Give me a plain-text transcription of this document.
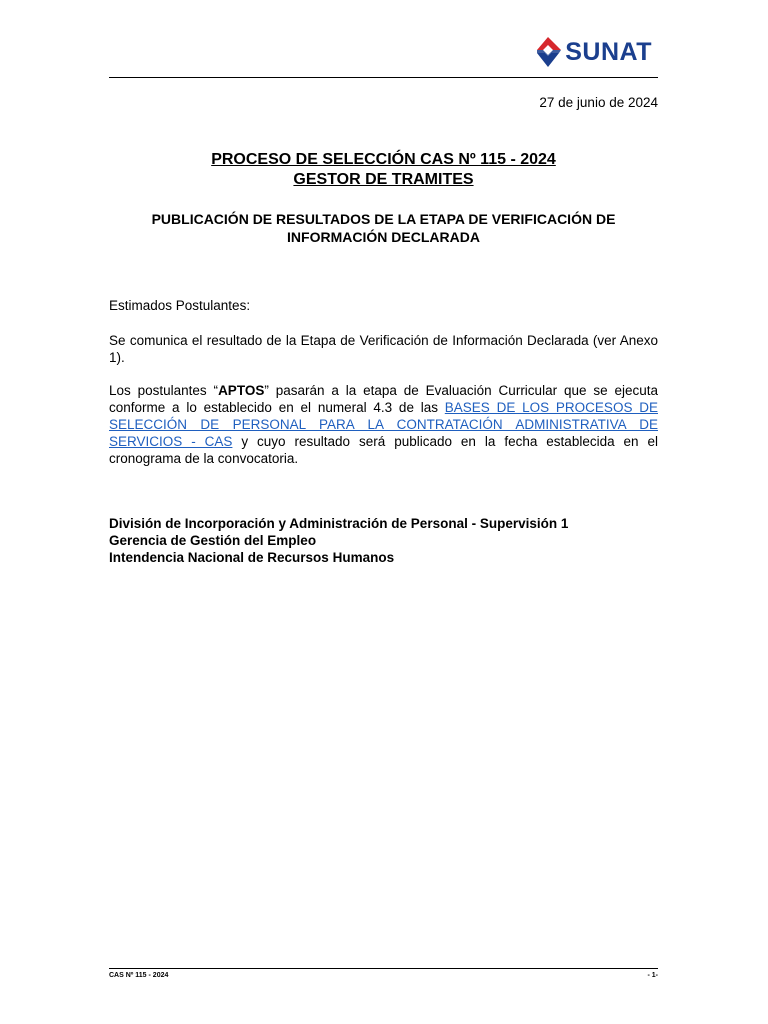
SUNAT
27 de junio de 2024
PROCESO DE SELECCIÓN CAS Nº 115 - 2024
GESTOR DE TRAMITES
PUBLICACIÓN DE RESULTADOS DE LA ETAPA DE VERIFICACIÓN DE
INFORMACIÓN DECLARADA
Estimados Postulantes:
Se comunica el resultado de la Etapa de Verificación de Información Declarada (ver Anexo 1).
Los postulantes “APTOS” pasarán a la etapa de Evaluación Curricular que se ejecuta conforme a lo establecido en el numeral 4.3 de las BASES DE LOS PROCESOS DE SELECCIÓN DE PERSONAL PARA LA CONTRATACIÓN ADMINISTRATIVA DE SERVICIOS - CAS y cuyo resultado será publicado en la fecha establecida en el cronograma de la convocatoria.
División de Incorporación y Administración de Personal - Supervisión 1
Gerencia de Gestión del Empleo
Intendencia Nacional de Recursos Humanos
CAS Nº 115 - 2024	- 1-
